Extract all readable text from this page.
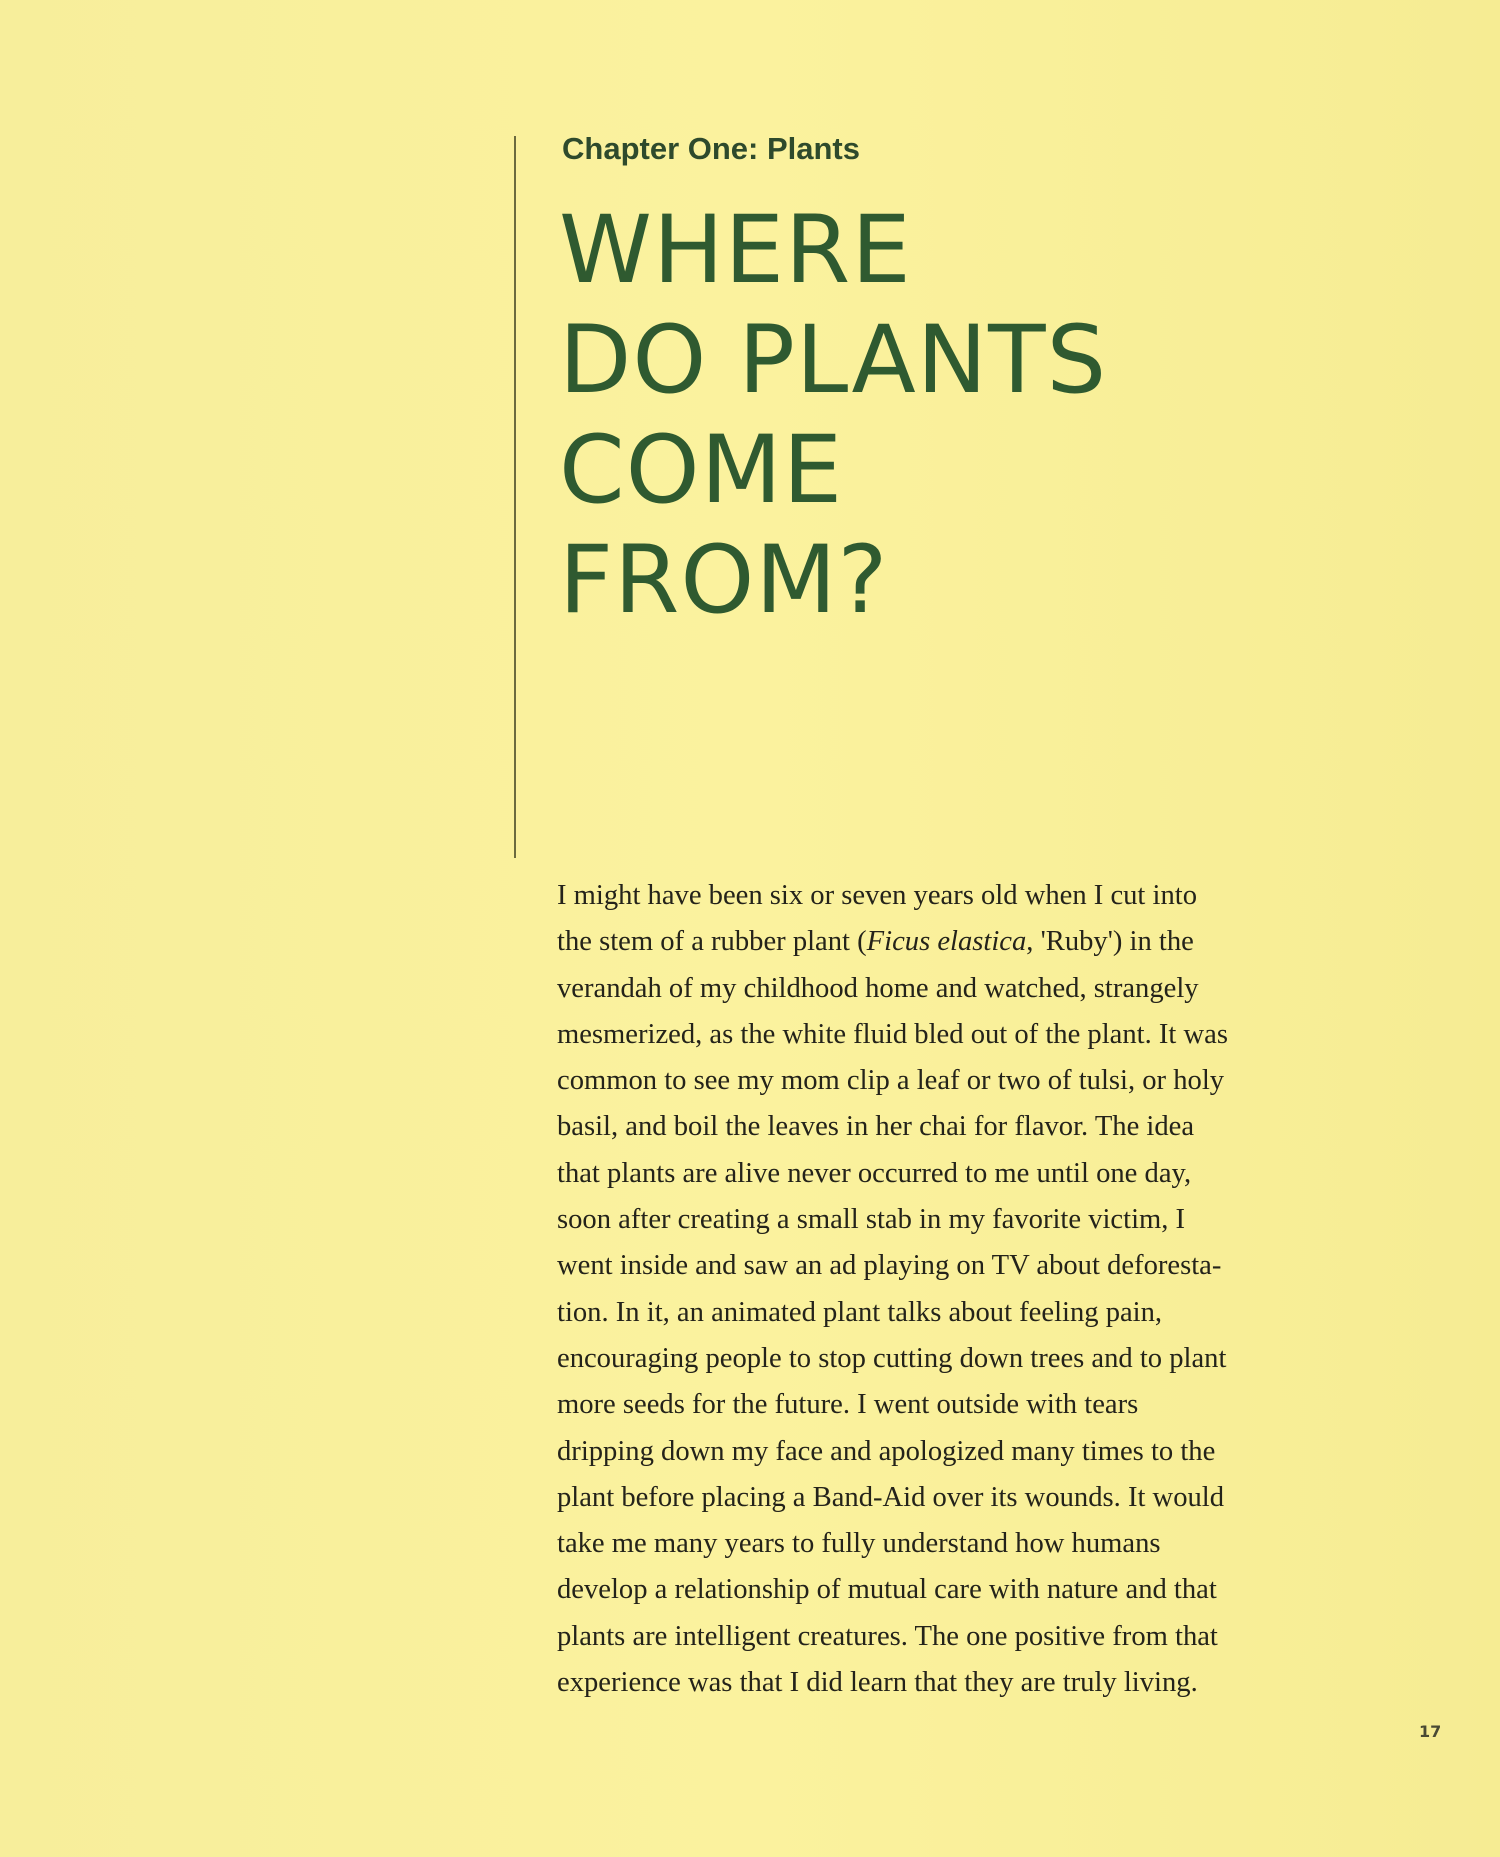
Chapter One: Plants
WHERE
DO PLANTS
COME
FROM?

I might have been six or seven years old when I cut into
the stem of a rubber plant (Ficus elastica, 'Ruby') in the
verandah of my childhood home and watched, strangely
mesmerized, as the white fluid bled out of the plant. It was
common to see my mom clip a leaf or two of tulsi, or holy
basil, and boil the leaves in her chai for flavor. The idea
that plants are alive never occurred to me until one day,
soon after creating a small stab in my favorite victim, I
went inside and saw an ad playing on TV about deforesta-
tion. In it, an animated plant talks about feeling pain,
encouraging people to stop cutting down trees and to plant
more seeds for the future. I went outside with tears
dripping down my face and apologized many times to the
plant before placing a Band-Aid over its wounds. It would
take me many years to fully understand how humans
develop a relationship of mutual care with nature and that
plants are intelligent creatures. The one positive from that
experience was that I did learn that they are truly living.

17
